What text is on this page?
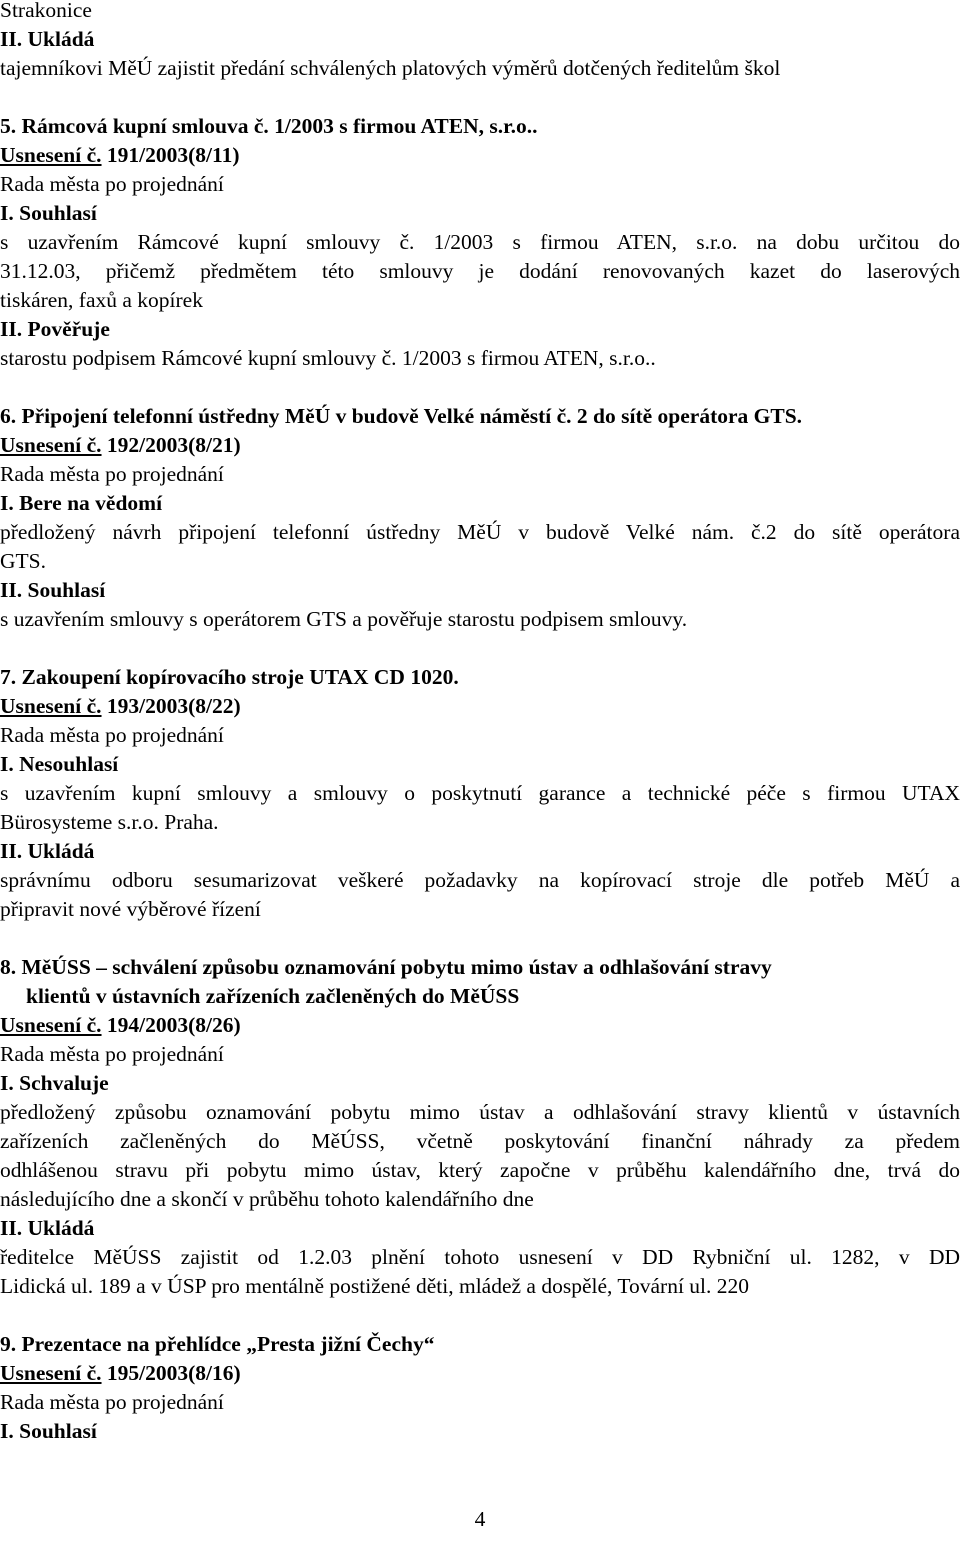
Strakonice
II. Ukládá
tajemníkovi MěÚ zajistit předání schválených platových výměrů dotčených ředitelům škol
5. Rámcová kupní smlouva č. 1/2003 s firmou ATEN, s.r.o..
Usnesení č. 191/2003(8/11)
Rada města po projednání
I. Souhlasí
s uzavřením Rámcové kupní smlouvy č. 1/2003 s firmou ATEN, s.r.o. na dobu určitou do
31.12.03, přičemž předmětem této smlouvy je dodání renovovaných kazet do laserových
tiskáren, faxů a kopírek
II. Pověřuje
starostu podpisem Rámcové kupní smlouvy č. 1/2003 s firmou ATEN, s.r.o..
6. Připojení telefonní ústředny MěÚ v budově Velké náměstí č. 2 do sítě operátora GTS.
Usnesení č. 192/2003(8/21)
Rada města po projednání
I. Bere na vědomí
předložený návrh připojení telefonní ústředny MěÚ v budově Velké nám. č.2 do sítě operátora
GTS.
II. Souhlasí
s uzavřením smlouvy s operátorem GTS a pověřuje starostu podpisem smlouvy.
7. Zakoupení kopírovacího stroje UTAX CD 1020.
Usnesení č. 193/2003(8/22)
Rada města po projednání
I. Nesouhlasí
s uzavřením kupní smlouvy a smlouvy o poskytnutí garance a technické péče s firmou UTAX
Bürosysteme s.r.o. Praha.
II. Ukládá
správnímu odboru sesumarizovat veškeré požadavky na kopírovací stroje dle potřeb MěÚ a
připravit nové výběrové řízení
8. MěÚSS – schválení způsobu oznamování pobytu mimo ústav a odhlašování stravy
klientů v ústavních zařízeních začleněných do MěÚSS
Usnesení č. 194/2003(8/26)
Rada města po projednání
I. Schvaluje
předložený způsobu oznamování pobytu mimo ústav a odhlašování stravy klientů v ústavních
zařízeních začleněných do MěÚSS, včetně poskytování finanční náhrady za předem
odhlášenou stravu při pobytu mimo ústav, který započne v průběhu kalendářního dne, trvá do
následujícího dne a skončí v průběhu tohoto kalendářního dne
II. Ukládá
ředitelce MěÚSS zajistit od 1.2.03 plnění tohoto usnesení v DD Rybniční ul. 1282, v DD
Lidická ul. 189 a v ÚSP pro mentálně postižené děti, mládež a dospělé, Tovární ul. 220
9. Prezentace na přehlídce „Presta jižní Čechy“
Usnesení č. 195/2003(8/16)
Rada města po projednání
I. Souhlasí
4
